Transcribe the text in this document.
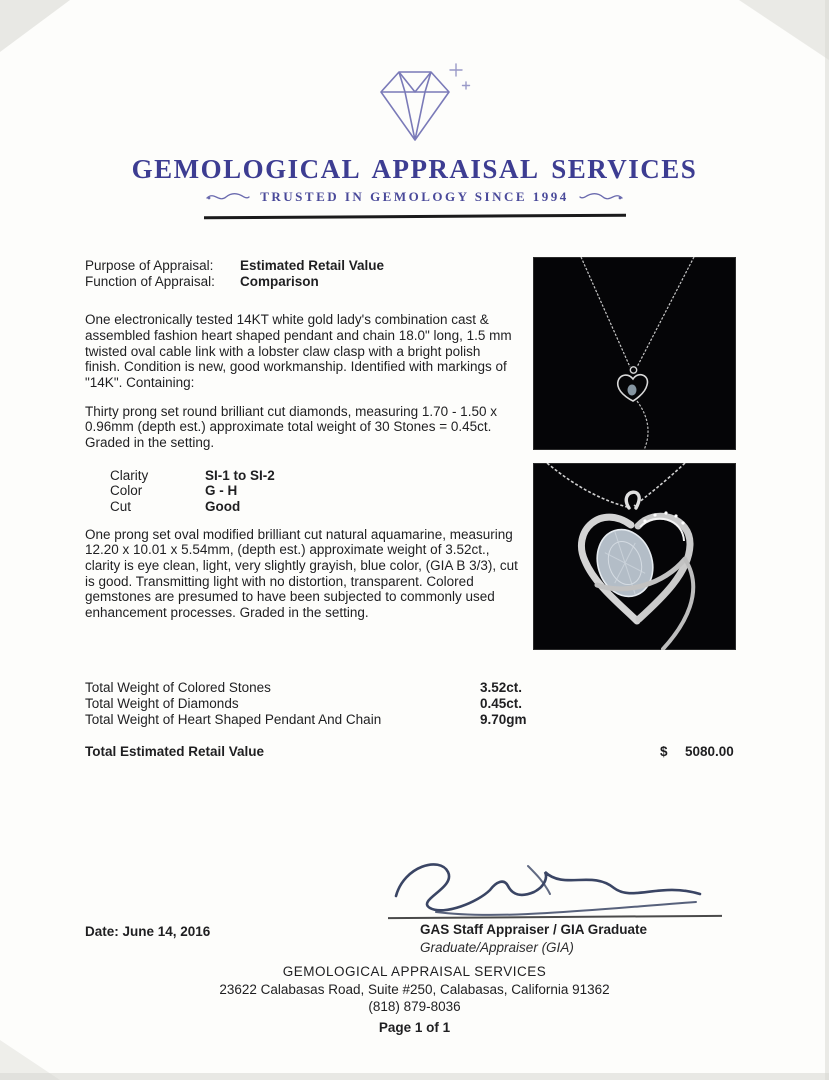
GEMOLOGICAL APPRAISAL SERVICES
TRUSTED IN GEMOLOGY SINCE 1994
Purpose of Appraisal:	Estimated Retail Value
Function of Appraisal:	Comparison

One electronically tested 14KT white gold lady's combination cast & assembled fashion heart shaped pendant and chain 18.0" long, 1.5 mm twisted oval cable link with a lobster claw clasp with a bright polish finish. Condition is new, good workmanship. Identified with markings of "14K". Containing:

Thirty prong set round brilliant cut diamonds, measuring 1.70 - 1.50 x 0.96mm (depth est.) approximate total weight of 30 Stones = 0.45ct. Graded in the setting.

Clarity	SI-1 to SI-2
Color	G - H
Cut	Good

One prong set oval modified brilliant cut natural aquamarine, measuring 12.20 x 10.01 x 5.54mm, (depth est.) approximate weight of 3.52ct., clarity is eye clean, light, very slightly grayish, blue color, (GIA B 3/3), cut is good. Transmitting light with no distortion, transparent. Colored gemstones are presumed to have been subjected to commonly used enhancement processes. Graded in the setting.

Total Weight of Colored Stones	3.52ct.
Total Weight of Diamonds	0.45ct.
Total Weight of Heart Shaped Pendant And Chain	9.70gm
Total Estimated Retail Value	$ 5080.00
GAS Staff Appraiser / GIA Graduate
Graduate/Appraiser (GIA)
Date: June 14, 2016
GEMOLOGICAL APPRAISAL SERVICES
23622 Calabasas Road, Suite #250, Calabasas, California 91362
(818) 879-8036
Page 1 of 1
